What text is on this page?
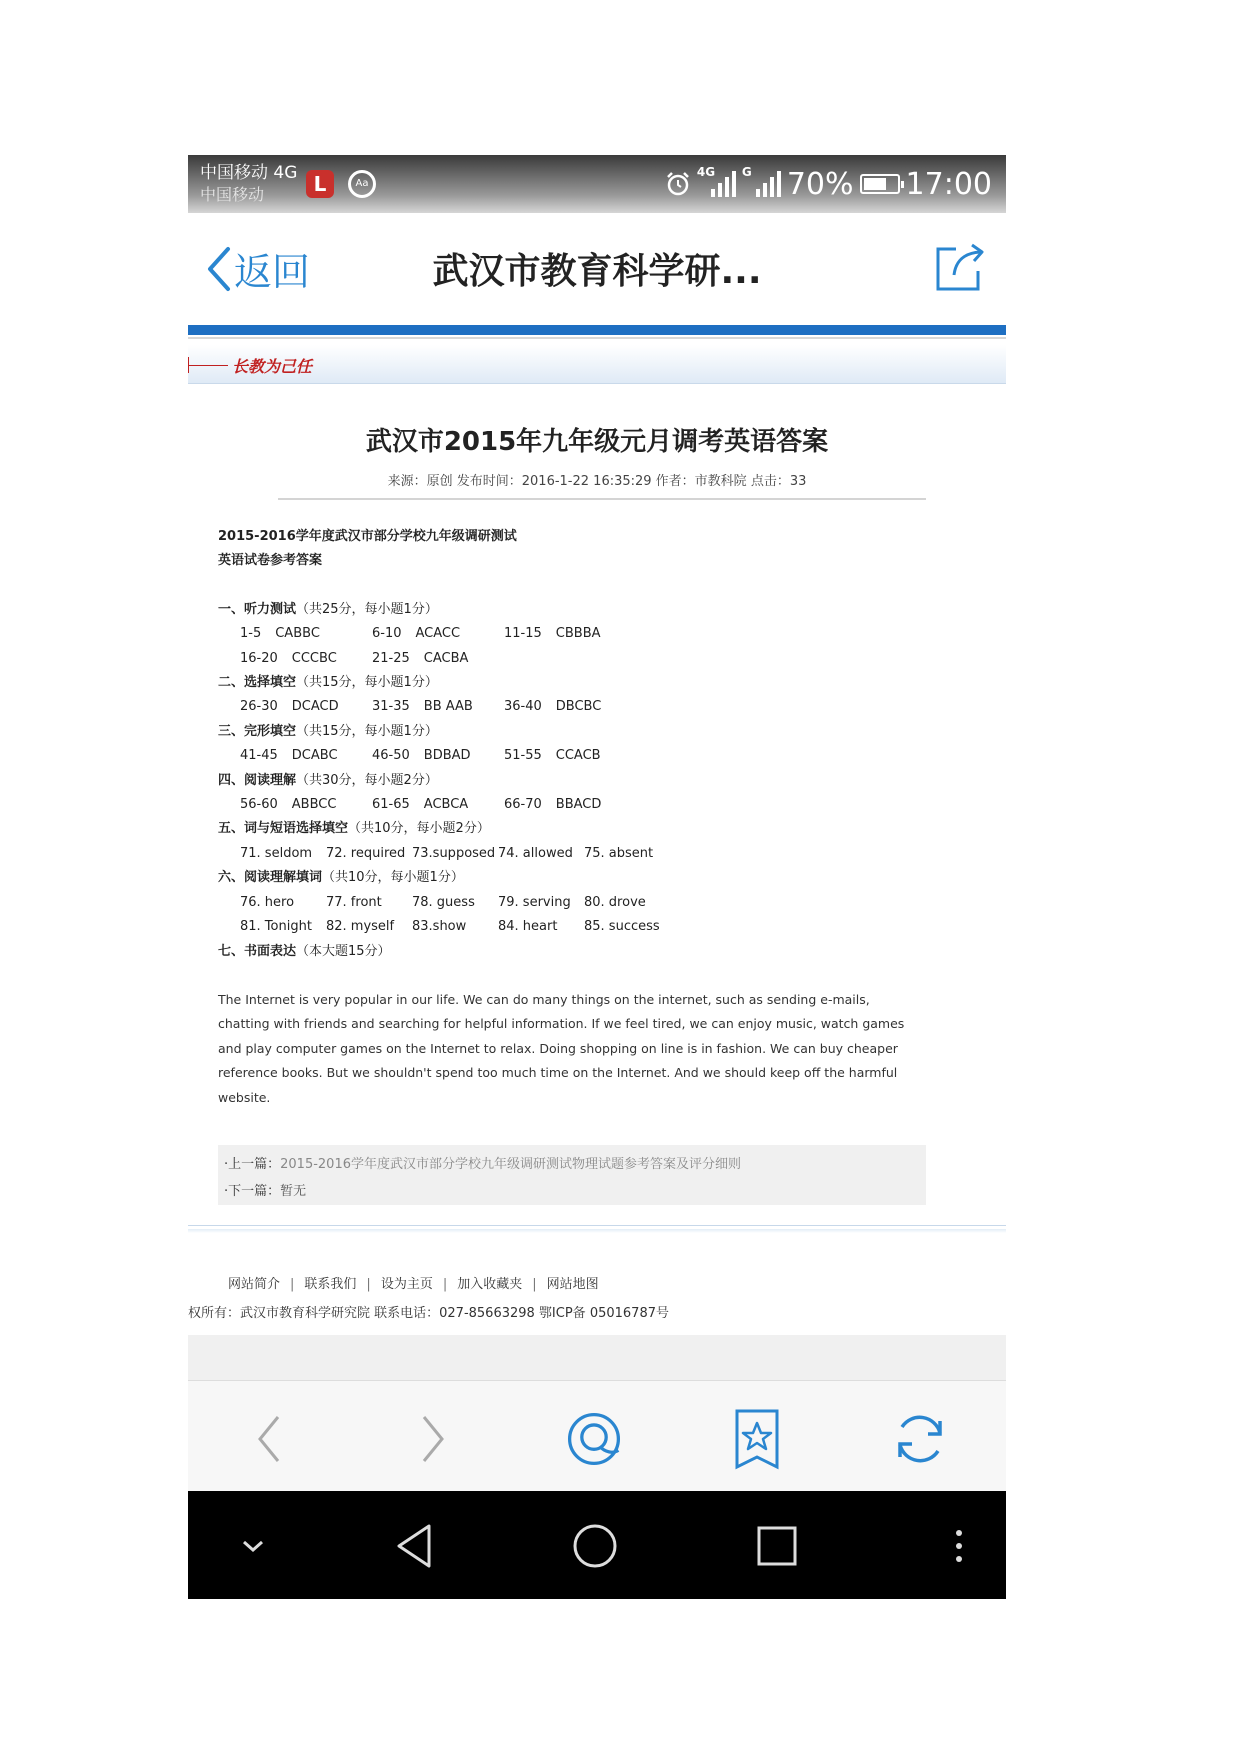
中国移动 4G
中国移动	L	Aa
4G G 70% 17:00
返回	武汉市教育科学研...
长教为己任
武汉市2015年九年级元月调考英语答案
来源：原创 发布时间：2016-1-22 16:35:29 作者：市教科院 点击：33
2015-2016学年度武汉市部分学校九年级调研测试
英语试卷参考答案
一、听力测试（共25分，每小题1分）
1-5 CABBC	6-10 ACACC	11-15 CBBBA
16-20 CCCBC	21-25 CACBA
二、选择填空（共15分，每小题1分）
26-30 DCACD	31-35 BB AAB	36-40 DBCBC
三、完形填空（共15分，每小题1分）
41-45 DCABC	46-50 BDBAD	51-55 CCACB
四、阅读理解（共30分，每小题2分）
56-60 ABBCC	61-65 ACBCA	66-70 BBACD
五、词与短语选择填空（共10分，每小题2分）
71. seldom	72. required 73.supposed 74. allowed 75. absent
六、阅读理解填词（共10分，每小题1分）
76. hero	77. front	78. guess	79. serving	80. drove
81. Tonight	82. myself	83.show	84. heart	85. success
七、书面表达（本大题15分）
The Internet is very popular in our life. We can do many things on the internet, such as sending e-mails, chatting with friends and searching for helpful information. If we feel tired, we can enjoy music, watch games and play computer games on the Internet to relax. Doing shopping on line is in fashion. We can buy cheaper reference books. But we shouldn't spend too much time on the Internet. And we should keep off the harmful website.
·上一篇：2015-2016学年度武汉市部分学校九年级调研测试物理试题参考答案及评分细则
·下一篇：暂无
网站简介 | 联系我们 | 设为主页 | 加入收藏夹 | 网站地图
权所有：武汉市教育科学研究院 联系电话：027-85663298 鄂ICP备 05016787号
